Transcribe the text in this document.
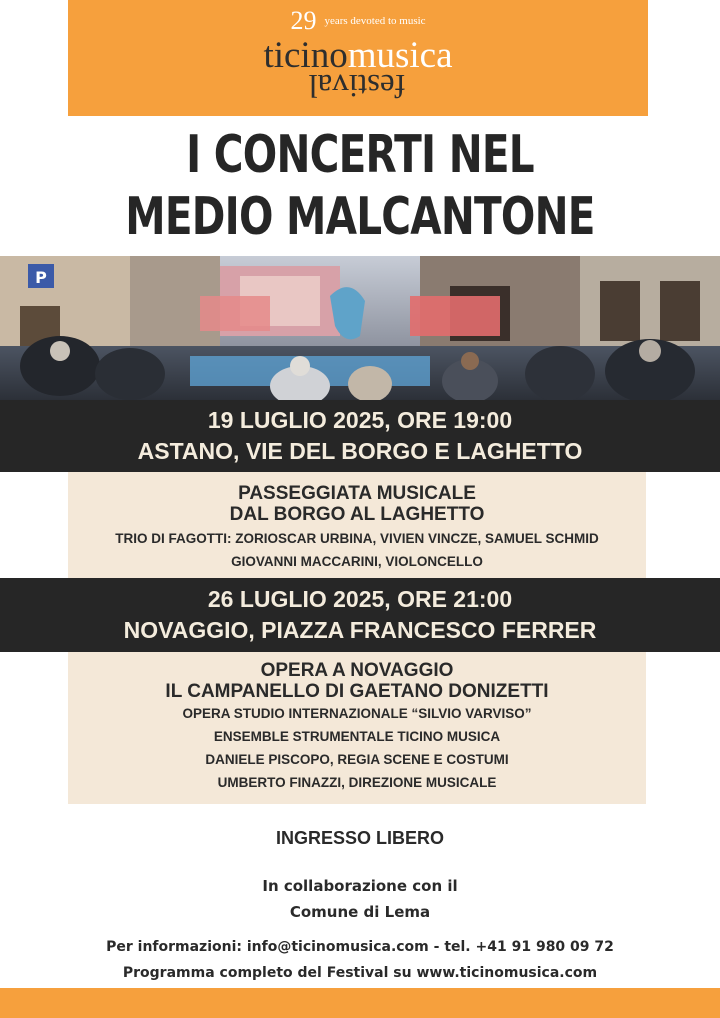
29 years devoted to music
ticinomusica
festival
I CONCERTI NEL
MEDIO MALCANTONE
P
19 LUGLIO 2025, ORE 19:00
ASTANO, VIE DEL BORGO E LAGHETTO
PASSEGGIATA MUSICALE
DAL BORGO AL LAGHETTO
TRIO DI FAGOTTI: ZORIOSCAR URBINA, VIVIEN VINCZE, SAMUEL SCHMID
GIOVANNI MACCARINI, VIOLONCELLO
26 LUGLIO 2025, ORE 21:00
NOVAGGIO, PIAZZA FRANCESCO FERRER
OPERA A NOVAGGIO
IL CAMPANELLO DI GAETANO DONIZETTI
OPERA STUDIO INTERNAZIONALE “SILVIO VARVISO”
ENSEMBLE STRUMENTALE TICINO MUSICA
DANIELE PISCOPO, REGIA SCENE E COSTUMI
UMBERTO FINAZZI, DIREZIONE MUSICALE
INGRESSO LIBERO
In collaborazione con il
Comune di Lema
Per informazioni: info@ticinomusica.com - tel. +41 91 980 09 72
Programma completo del Festival su www.ticinomusica.com
